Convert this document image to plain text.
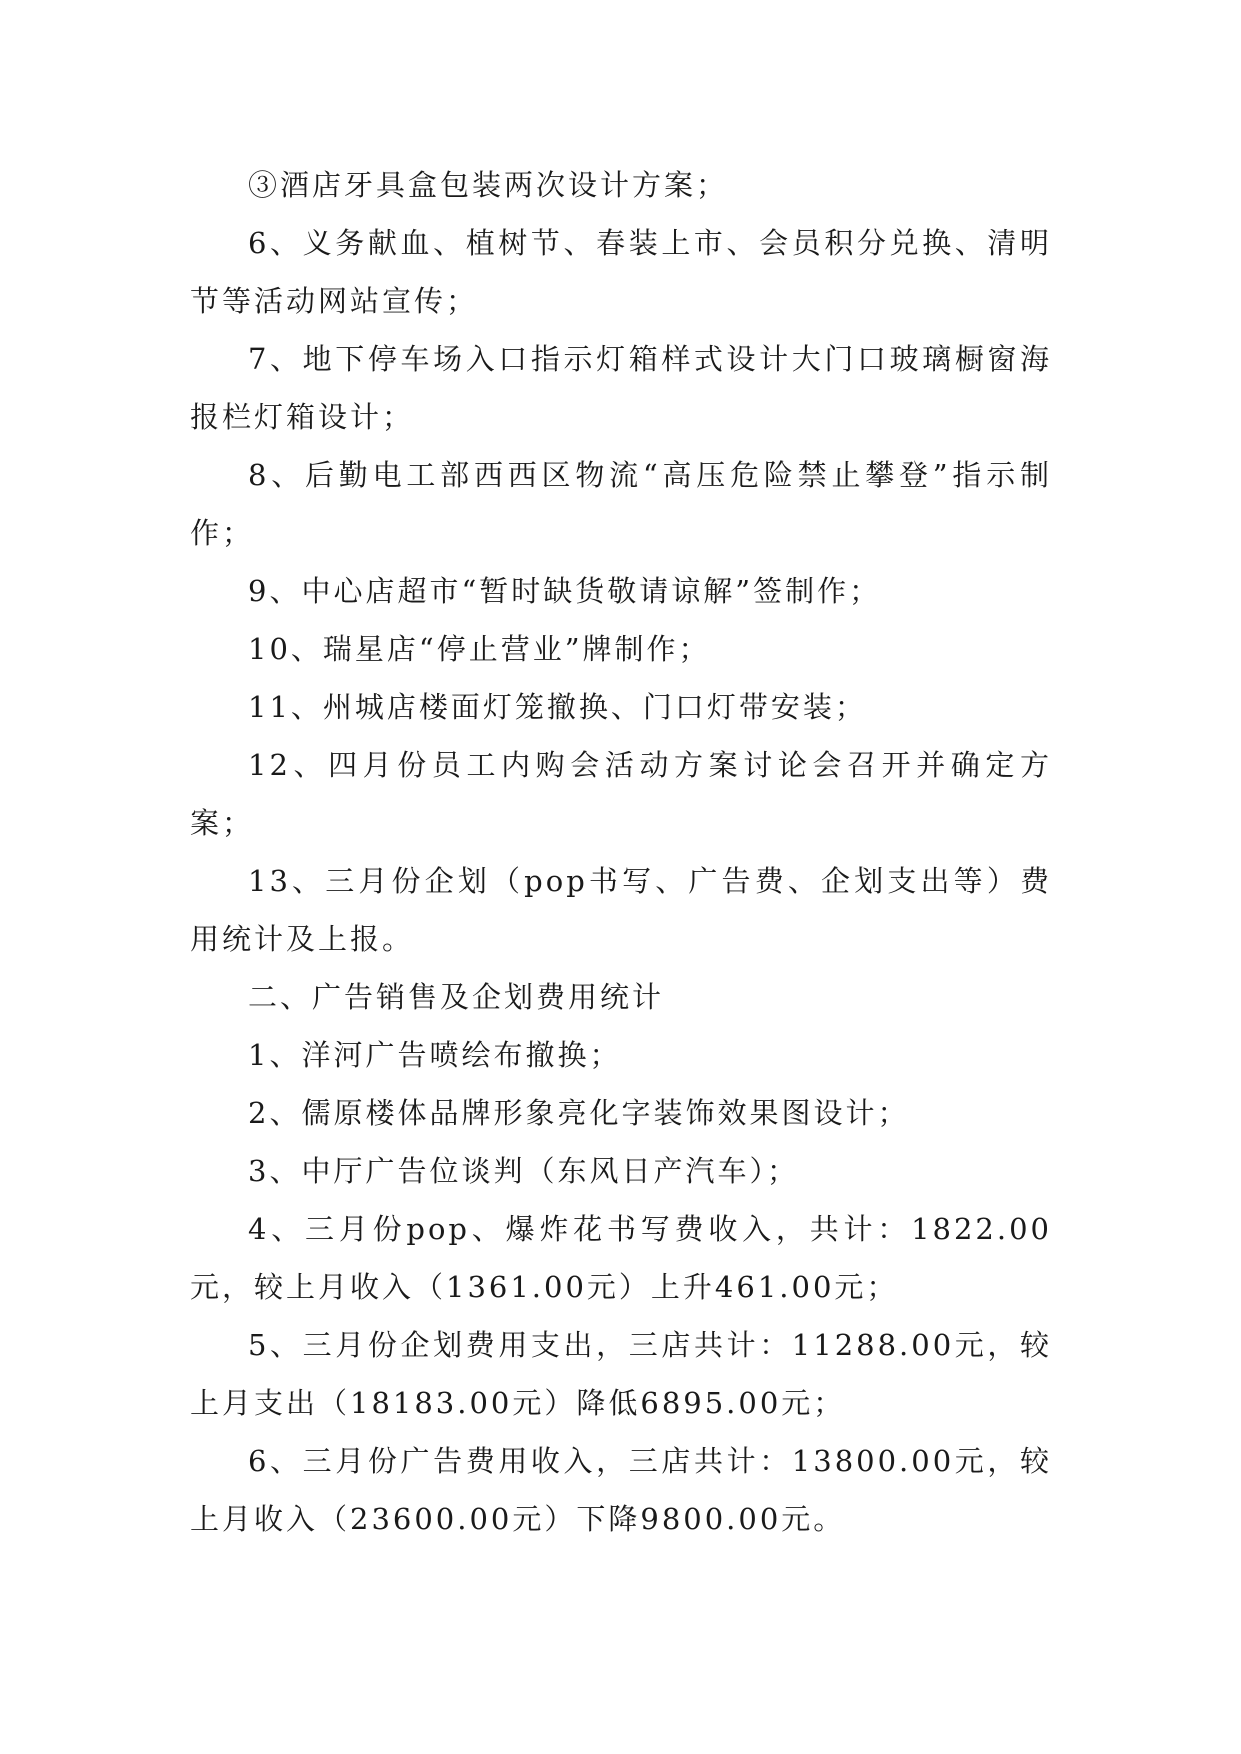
③酒店牙具盒包装两次设计方案；

6、义务献血、植树节、春装上市、会员积分兑换、清明节等活动网站宣传；

7、地下停车场入口指示灯箱样式设计大门口玻璃橱窗海报栏灯箱设计；

8、后勤电工部西西区物流“高压危险禁止攀登”指示制作；

9、中心店超市“暂时缺货敬请谅解”签制作；

10、瑞星店“停止营业”牌制作；

11、州城店楼面灯笼撤换、门口灯带安装；

12、四月份员工内购会活动方案讨论会召开并确定方案；

13、三月份企划（pop书写、广告费、企划支出等）费用统计及上报。

二、广告销售及企划费用统计

1、洋河广告喷绘布撤换；

2、儒原楼体品牌形象亮化字装饰效果图设计；

3、中厅广告位谈判（东风日产汽车）；

4、三月份pop、爆炸花书写费收入，共计：1822.00元，较上月收入（1361.00元）上升461.00元；

5、三月份企划费用支出，三店共计：11288.00元，较上月支出（18183.00元）降低6895.00元；

6、三月份广告费用收入，三店共计：13800.00元，较上月收入（23600.00元）下降9800.00元。
